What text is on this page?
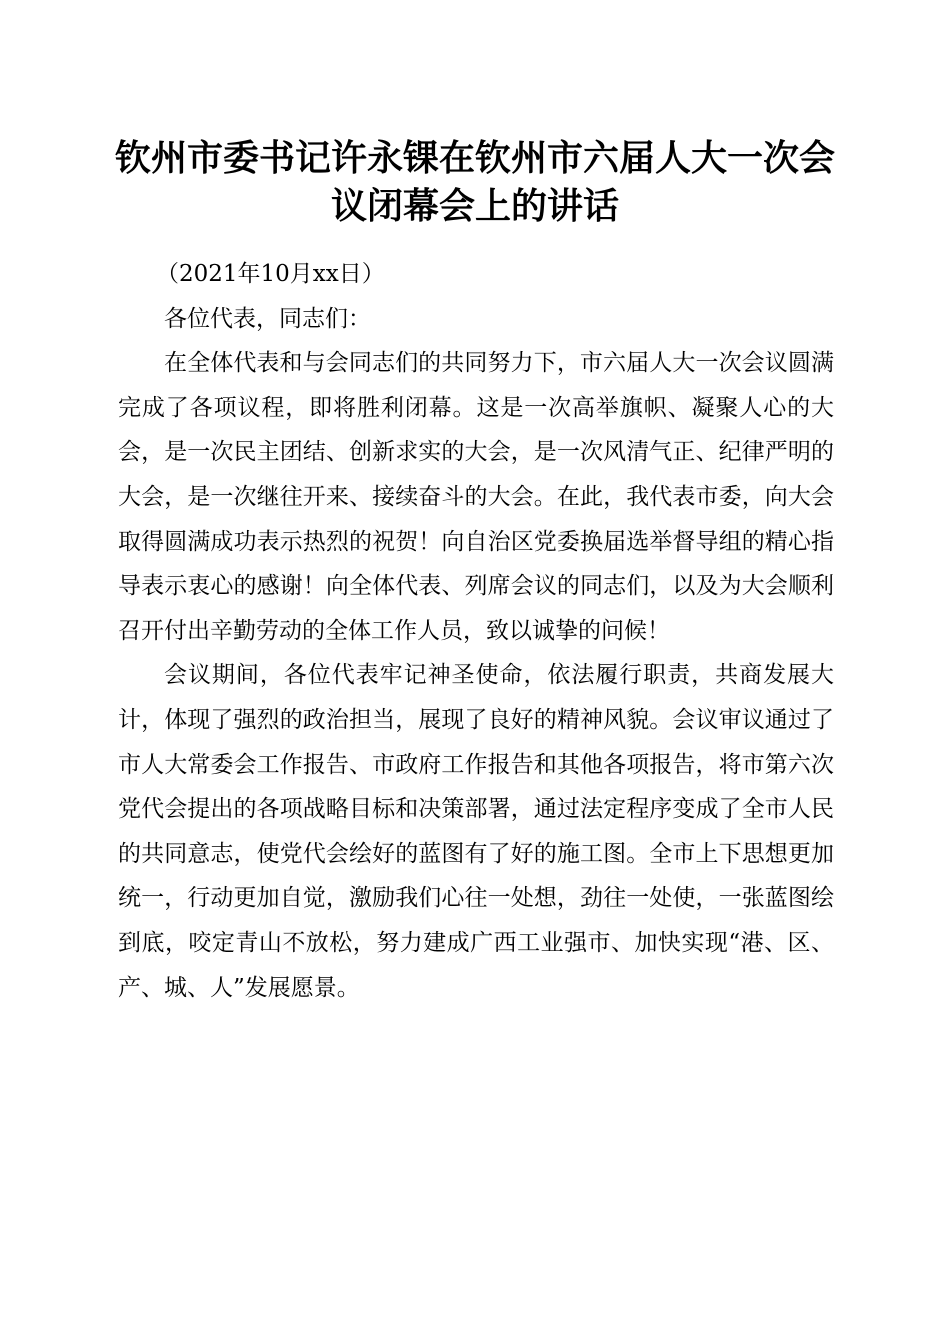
钦州市委书记许永锞在钦州市六届人大一次会
议闭幕会上的讲话

（2021年10月xx日）

各位代表，同志们：

在全体代表和与会同志们的共同努力下，市六届人大一次会议圆满完成了各项议程，即将胜利闭幕。这是一次高举旗帜、凝聚人心的大会，是一次民主团结、创新求实的大会，是一次风清气正、纪律严明的大会，是一次继往开来、接续奋斗的大会。在此，我代表市委，向大会取得圆满成功表示热烈的祝贺！向自治区党委换届选举督导组的精心指导表示衷心的感谢！向全体代表、列席会议的同志们，以及为大会顺利召开付出辛勤劳动的全体工作人员，致以诚挚的问候！

会议期间，各位代表牢记神圣使命，依法履行职责，共商发展大计，体现了强烈的政治担当，展现了良好的精神风貌。会议审议通过了市人大常委会工作报告、市政府工作报告和其他各项报告，将市第六次党代会提出的各项战略目标和决策部署，通过法定程序变成了全市人民的共同意志，使党代会绘好的蓝图有了好的施工图。全市上下思想更加统一，行动更加自觉，激励我们心往一处想，劲往一处使，一张蓝图绘到底，咬定青山不放松，努力建成广西工业强市、加快实现“港、区、产、城、人”发展愿景。
